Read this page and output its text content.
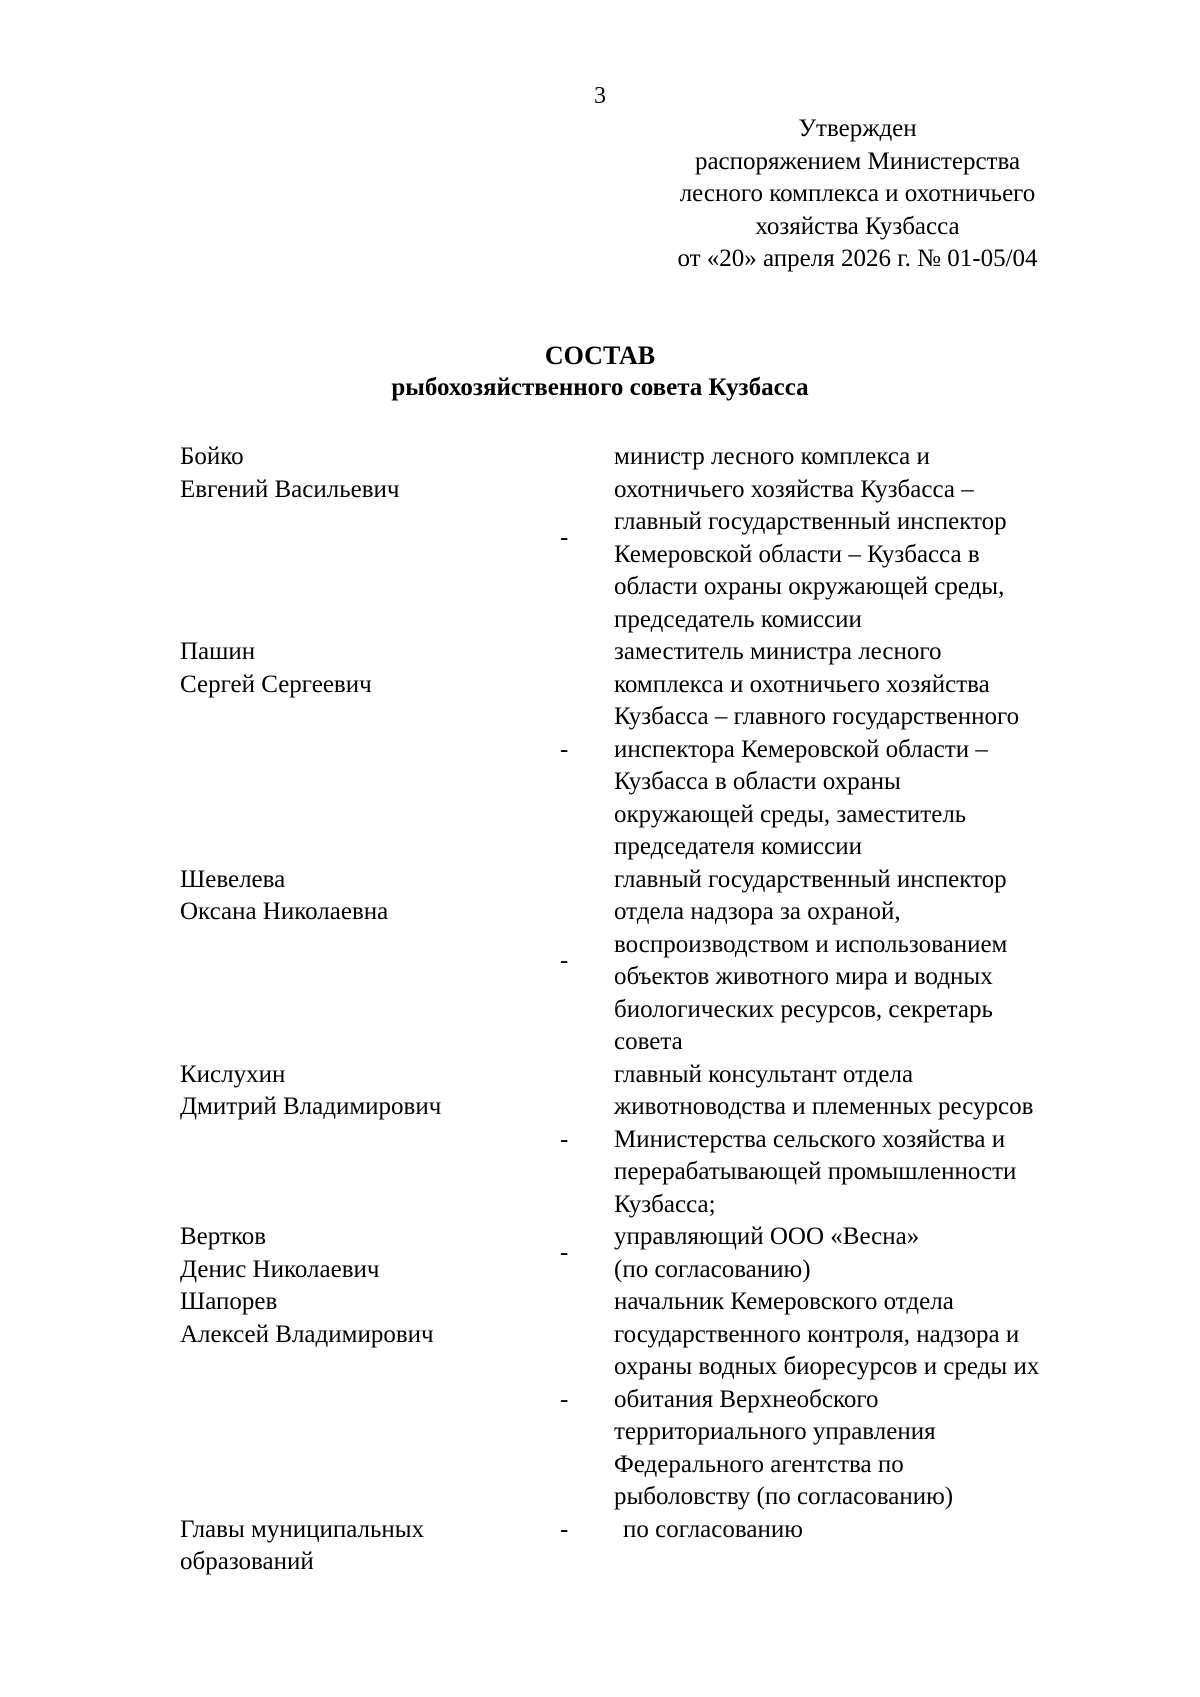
3
Утвержден
распоряжением Министерства
лесного комплекса и охотничьего
хозяйства Кузбасса
от «20» апреля 2026 г. № 01-05/04
СОСТАВ
рыбохозяйственного совета Кузбасса
Бойко
Евгений Васильевич
-
министр лесного комплекса и
охотничьего хозяйства Кузбасса –
главный государственный инспектор
Кемеровской области – Кузбасса в
области охраны окружающей среды,
председатель комиссии
Пашин
Сергей Сергеевич
-
заместитель министра лесного
комплекса и охотничьего хозяйства
Кузбасса – главного государственного
инспектора Кемеровской области –
Кузбасса в области охраны
окружающей среды, заместитель
председателя комиссии
Шевелева
Оксана Николаевна
-
главный государственный инспектор
отдела надзора за охраной,
воспроизводством и использованием
объектов животного мира и водных
биологических ресурсов, секретарь
совета
Кислухин
Дмитрий Владимирович
-
главный консультант отдела
животноводства и племенных ресурсов
Министерства сельского хозяйства и
перерабатывающей промышленности
Кузбасса;
Вертков
Денис Николаевич
-
управляющий ООО «Весна»
(по согласованию)
Шапорев
Алексей Владимирович
-
начальник Кемеровского отдела
государственного контроля, надзора и
охраны водных биоресурсов и среды их
обитания Верхнеобского
территориального управления
Федерального агентства по
рыболовству (по согласованию)
Главы муниципальных
образований
-	по согласованию
